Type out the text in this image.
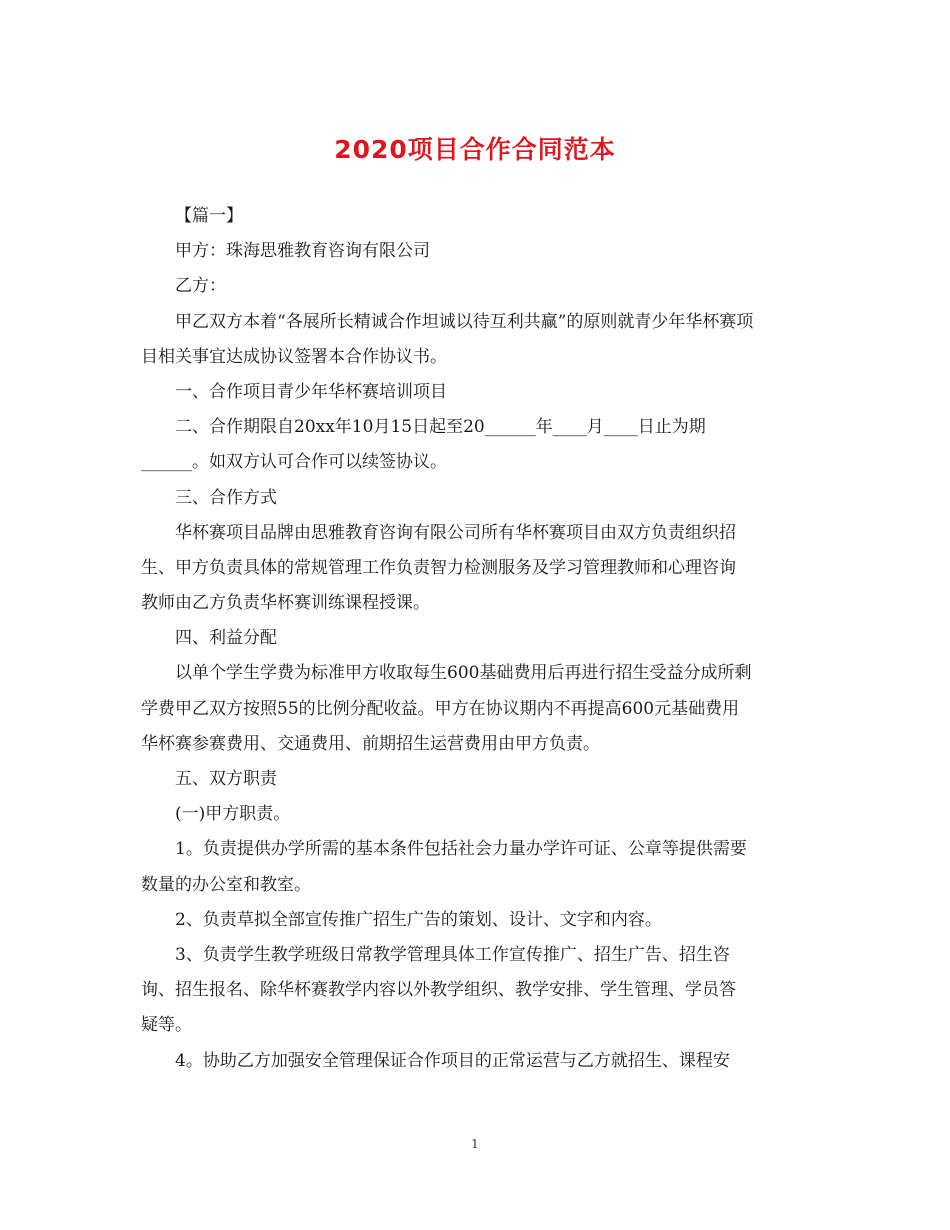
2020项目合作合同范本

【篇一】

甲方：珠海思雅教育咨询有限公司

乙方：

甲乙双方本着“各展所长精诚合作坦诚以待互利共赢”的原则就青少年华杯赛项

目相关事宜达成协议签署本合作协议书。

一、合作项目青少年华杯赛培训项目

二、合作期限自20xx年10月15日起至20______年____月____日止为期

______。如双方认可合作可以续签协议。

三、合作方式

华杯赛项目品牌由思雅教育咨询有限公司所有华杯赛项目由双方负责组织招

生、甲方负责具体的常规管理工作负责智力检测服务及学习管理教师和心理咨询

教师由乙方负责华杯赛训练课程授课。

四、利益分配

以单个学生学费为标准甲方收取每生600基础费用后再进行招生受益分成所剩

学费甲乙双方按照55的比例分配收益。甲方在协议期内不再提高600元基础费用

华杯赛参赛费用、交通费用、前期招生运营费用由甲方负责。

五、双方职责

(一)甲方职责。

1。负责提供办学所需的基本条件包括社会力量办学许可证、公章等提供需要

数量的办公室和教室。

2、负责草拟全部宣传推广招生广告的策划、设计、文字和内容。

3、负责学生教学班级日常教学管理具体工作宣传推广、招生广告、招生咨

询、招生报名、除华杯赛教学内容以外教学组织、教学安排、学生管理、学员答

疑等。

4。协助乙方加强安全管理保证合作项目的正常运营与乙方就招生、课程安

1
